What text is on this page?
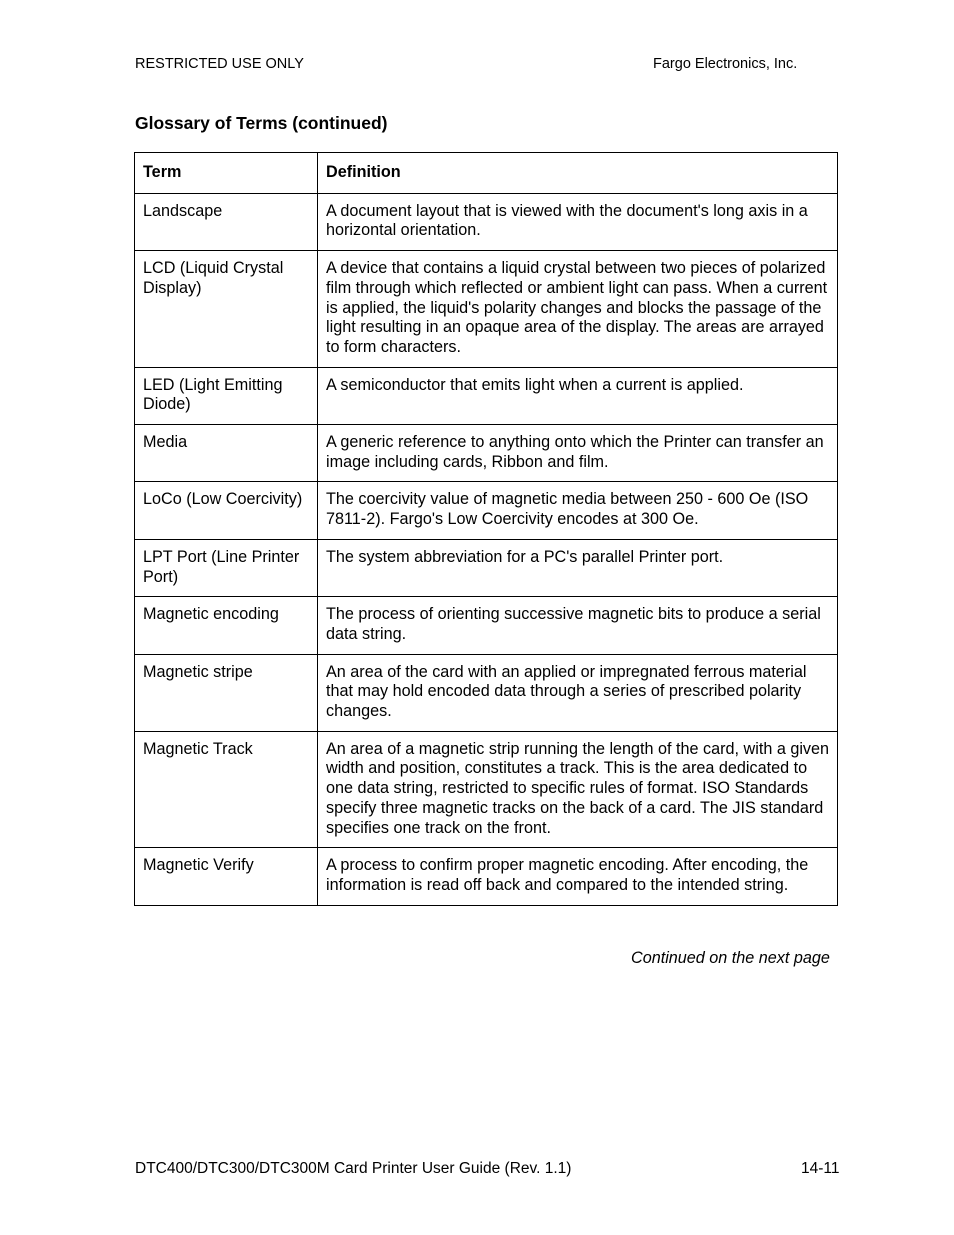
RESTRICTED USE ONLY	Fargo Electronics, Inc.
Glossary of Terms (continued)
Term	Definition
Landscape	A document layout that is viewed with the document's long axis in a horizontal orientation.
LCD (Liquid Crystal Display)	A device that contains a liquid crystal between two pieces of polarized film through which reflected or ambient light can pass. When a current is applied, the liquid's polarity changes and blocks the passage of the light resulting in an opaque area of the display. The areas are arrayed to form characters.
LED (Light Emitting Diode)	A semiconductor that emits light when a current is applied.
Media	A generic reference to anything onto which the Printer can transfer an image including cards, Ribbon and film.
LoCo (Low Coercivity)	The coercivity value of magnetic media between 250 - 600 Oe (ISO 7811-2). Fargo's Low Coercivity encodes at 300 Oe.
LPT Port (Line Printer Port)	The system abbreviation for a PC's parallel Printer port.
Magnetic encoding	The process of orienting successive magnetic bits to produce a serial data string.
Magnetic stripe	An area of the card with an applied or impregnated ferrous material that may hold encoded data through a series of prescribed polarity changes.
Magnetic Track	An area of a magnetic strip running the length of the card, with a given width and position, constitutes a track. This is the area dedicated to one data string, restricted to specific rules of format. ISO Standards specify three magnetic tracks on the back of a card. The JIS standard specifies one track on the front.
Magnetic Verify	A process to confirm proper magnetic encoding. After encoding, the information is read off back and compared to the intended string.
Continued on the next page
DTC400/DTC300/DTC300M Card Printer User Guide (Rev. 1.1)	14-11
